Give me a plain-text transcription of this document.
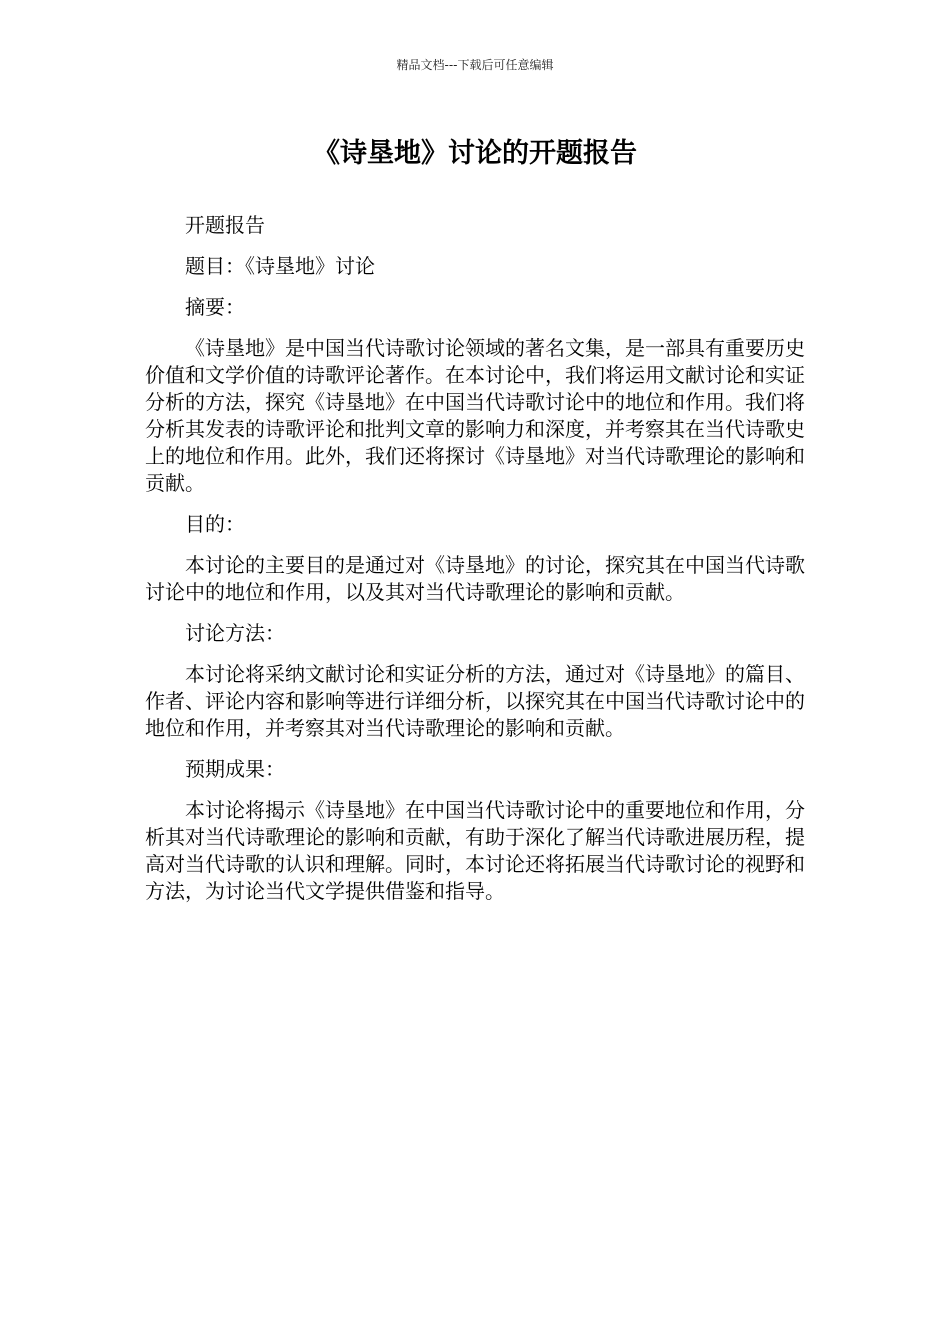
精品文档---下载后可任意编辑
《诗垦地》讨论的开题报告

开题报告

题目：《诗垦地》讨论

摘要：

《诗垦地》是中国当代诗歌讨论领域的著名文集，是一部具有重要历史价值和文学价值的诗歌评论著作。在本讨论中，我们将运用文献讨论和实证分析的方法，探究《诗垦地》在中国当代诗歌讨论中的地位和作用。我们将分析其发表的诗歌评论和批判文章的影响力和深度，并考察其在当代诗歌史上的地位和作用。此外，我们还将探讨《诗垦地》对当代诗歌理论的影响和贡献。

目的：

本讨论的主要目的是通过对《诗垦地》的讨论，探究其在中国当代诗歌讨论中的地位和作用，以及其对当代诗歌理论的影响和贡献。

讨论方法：

本讨论将采纳文献讨论和实证分析的方法，通过对《诗垦地》的篇目、作者、评论内容和影响等进行详细分析，以探究其在中国当代诗歌讨论中的地位和作用，并考察其对当代诗歌理论的影响和贡献。

预期成果：

本讨论将揭示《诗垦地》在中国当代诗歌讨论中的重要地位和作用，分析其对当代诗歌理论的影响和贡献，有助于深化了解当代诗歌进展历程，提高对当代诗歌的认识和理解。同时，本讨论还将拓展当代诗歌讨论的视野和方法，为讨论当代文学提供借鉴和指导。
